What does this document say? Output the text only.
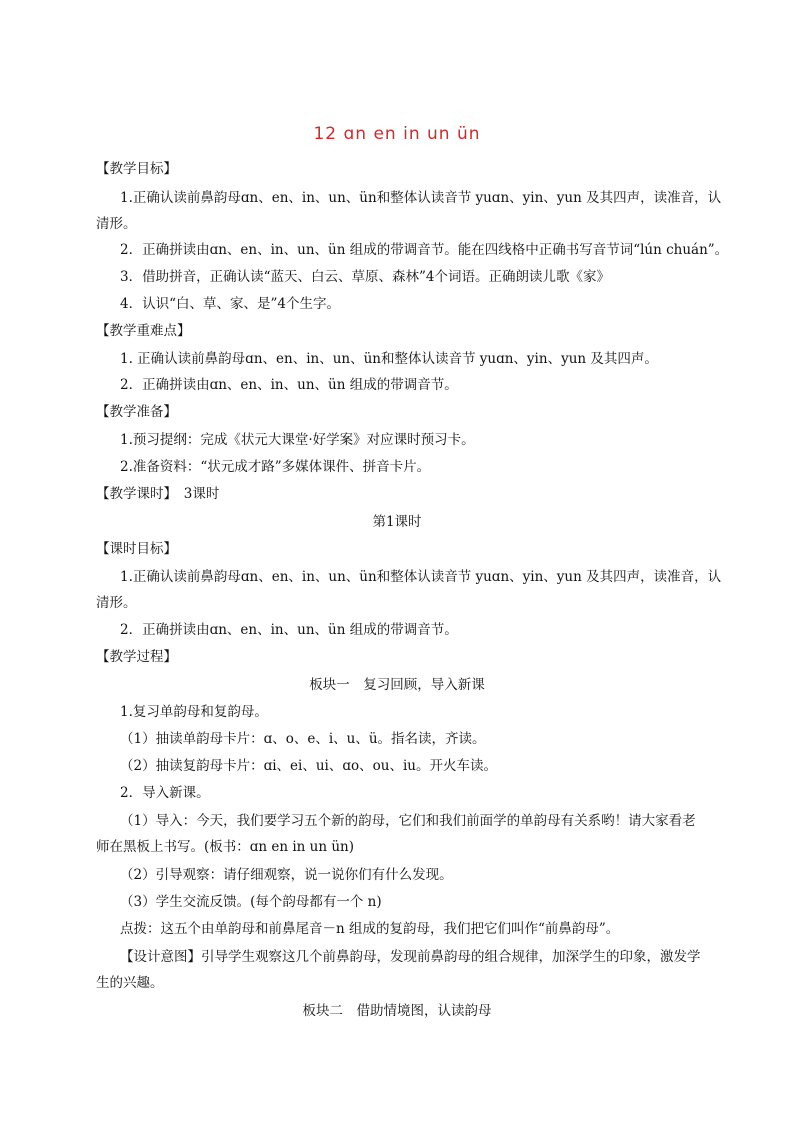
12 ɑn en in un ün
【教学目标】
1.正确认读前鼻韵母ɑn、en、in、un、ün和整体认读音节 yuɑn、yin、yun 及其四声，读准音，认
清形。
2．正确拼读由ɑn、en、in、un、ün 组成的带调音节。能在四线格中正确书写音节词“lún chuán”。
3．借助拼音，正确认读“蓝天、白云、草原、森林”4个词语。正确朗读儿歌《家》
4．认识“白、草、家、是”4个生字。
【教学重难点】
1. 正确认读前鼻韵母ɑn、en、in、un、ün和整体认读音节 yuɑn、yin、yun 及其四声。
2．正确拼读由ɑn、en、in、un、ün 组成的带调音节。
【教学准备】
1.预习提纲：完成《状元大课堂·好学案》对应课时预习卡。
2.准备资料：“状元成才路”多媒体课件、拼音卡片。
【教学课时】　3课时
第1课时
【课时目标】
1.正确认读前鼻韵母ɑn、en、in、un、ün和整体认读音节 yuɑn、yin、yun 及其四声，读准音，认
清形。
2．正确拼读由ɑn、en、in、un、ün 组成的带调音节。
【教学过程】
板块一　复习回顾，导入新课
1.复习单韵母和复韵母。
（1）抽读单韵母卡片：ɑ、o、e、i、u、ü。指名读，齐读。
（2）抽读复韵母卡片：ɑi、ei、ui、ɑo、ou、iu。开火车读。
2．导入新课。
（1）导入：今天，我们要学习五个新的韵母，它们和我们前面学的单韵母有关系哟！请大家看老
师在黑板上书写。(板书：ɑn en in un ün)
（2）引导观察：请仔细观察，说一说你们有什么发现。
（3）学生交流反馈。(每个韵母都有一个 n)
点拨：这五个由单韵母和前鼻尾音－n 组成的复韵母，我们把它们叫作“前鼻韵母”。
【设计意图】引导学生观察这几个前鼻韵母，发现前鼻韵母的组合规律，加深学生的印象，激发学
生的兴趣。
板块二　借助情境图，认读韵母
